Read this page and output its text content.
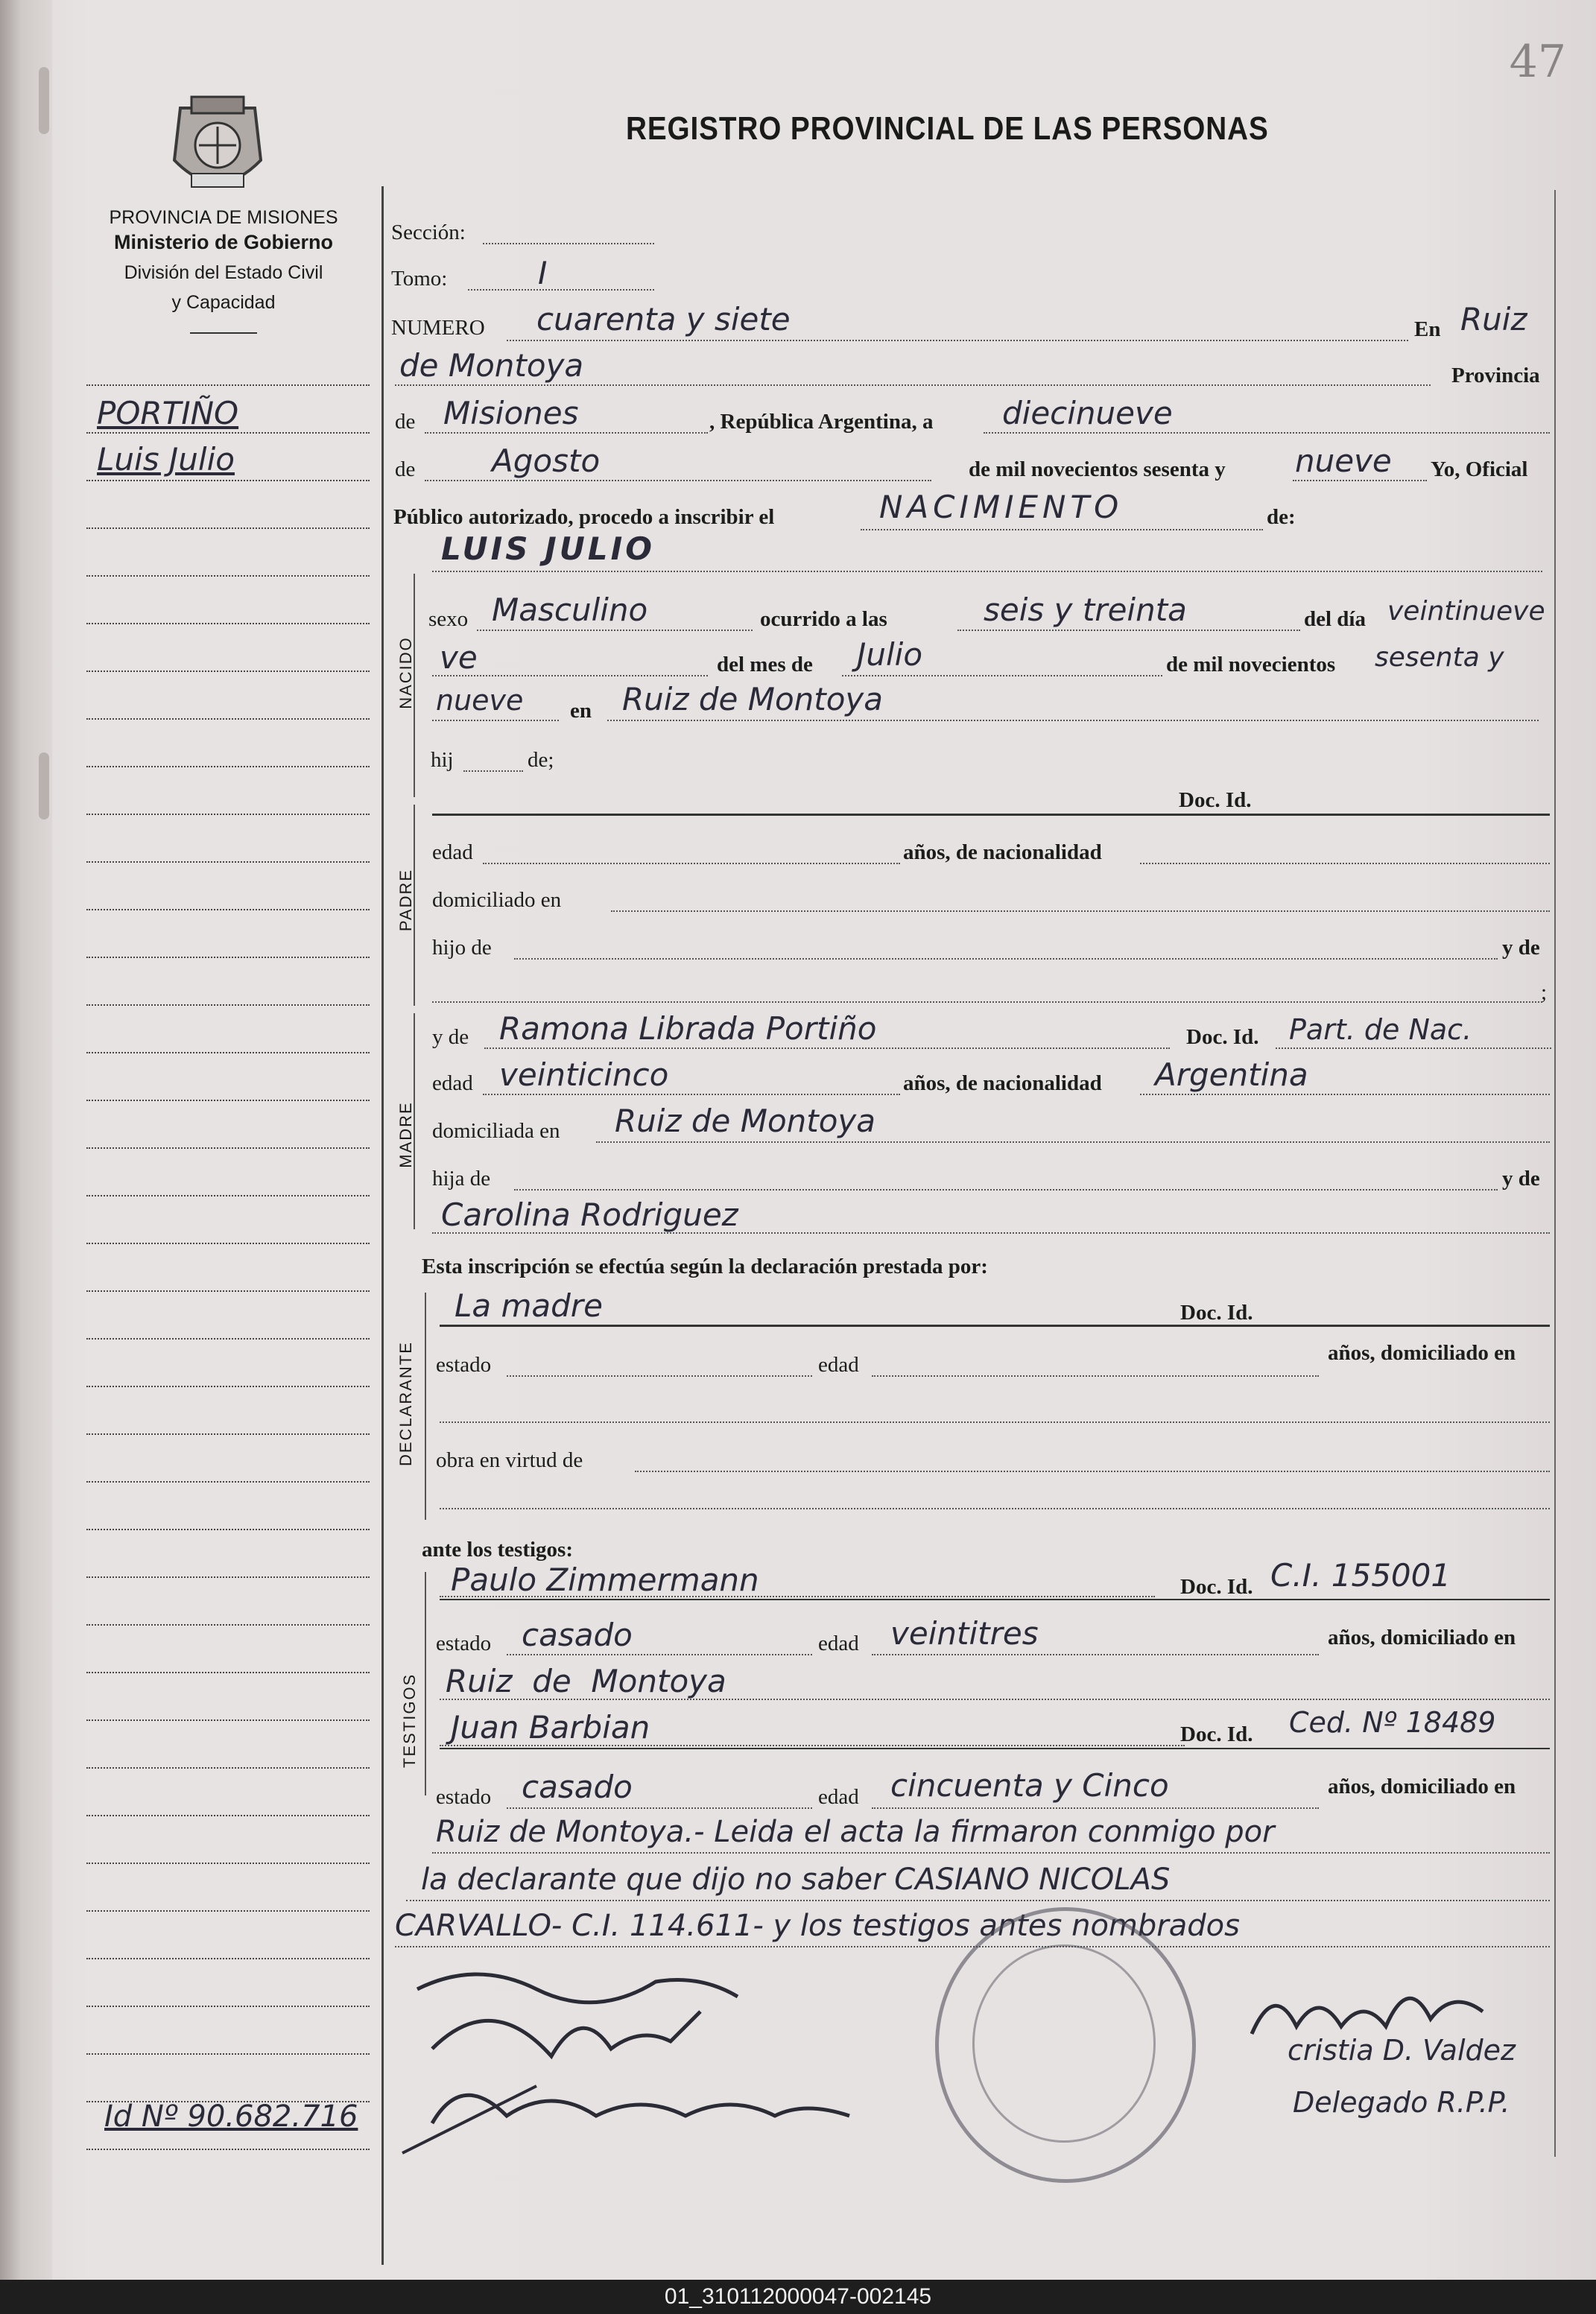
47
REGISTRO PROVINCIAL DE LAS PERSONAS
PROVINCIA DE MISIONES
Ministerio de Gobierno
División del Estado Civil
y Capacidad
PORTIÑO
Luis Julio
Id Nº 90.682.716
NACIDO
PADRE
MADRE
DECLARANTE
TESTIGOS
Sección:
Tomo:	I
NUMERO cuarenta y siete	En Ruiz
de Montoya	Provincia
de Misiones	, República Argentina, a diecinueve
de Agosto	de mil novecientos sesenta y nueve Yo, Oficial
Público autorizado, procedo a inscribir el	NACIMIENTO	de:
LUIS JULIO
sexo Masculino	ocurrido a las	seis y treinta	del día veintinueve
ve	del mes de Julio	de mil novecientos sesenta y
nueve en Ruiz de Montoya
hij	de;
Doc. Id.
edad	años, de nacionalidad
domiciliado en
hijo de	y de
;
y de Ramona Librada Portiño	Doc. Id. Part. de Nac.
edad veinticinco	años, de nacionalidad Argentina
domiciliada en Ruiz de Montoya
hija de	y de
Carolina Rodriguez
Esta inscripción se efectúa según la declaración prestada por:
La madre	Doc. Id.
estado	edad	años, domiciliado en
obra en virtud de
ante los testigos:
Paulo Zimmermann	Doc. Id. C.I. 155001
estado casado	edad veintitres	años, domiciliado en
Ruiz  de  Montoya
Juan Barbian	Doc. Id. Ced. Nº 18489
estado casado	edad cincuenta y Cinco	años, domiciliado en
Ruiz de Montoya.- Leida el acta la firmaron conmigo por
la declarante que dijo no saber CASIANO NICOLAS
CARVALLO- C.I. 114.611- y los testigos antes nombrados
cristia D. Valdez
Delegado R.P.P.
01_310112000047-002145
